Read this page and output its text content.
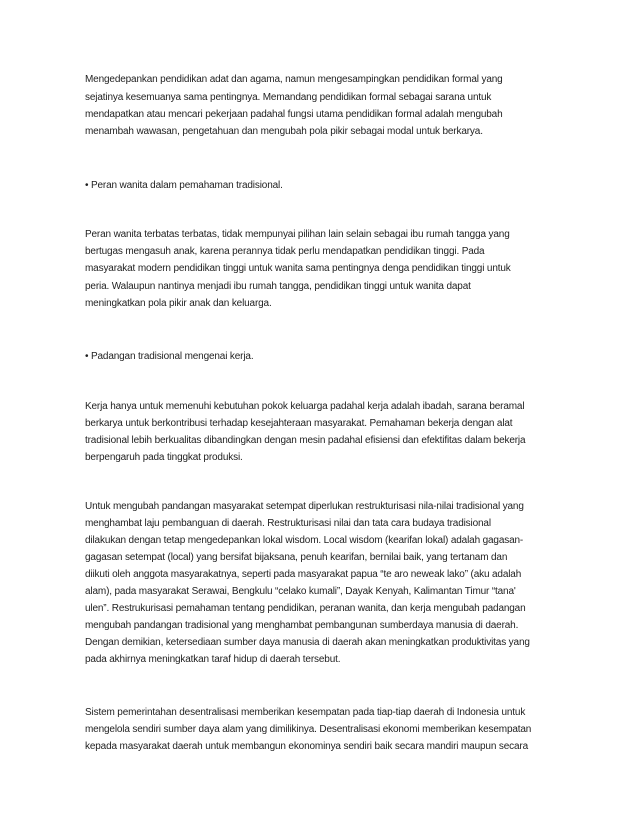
Mengedepankan pendidikan adat dan agama, namun mengesampingkan pendidikan formal yang
sejatinya kesemuanya sama pentingnya. Memandang pendidikan formal sebagai sarana untuk
mendapatkan atau mencari pekerjaan padahal fungsi utama pendidikan formal adalah mengubah
menambah wawasan, pengetahuan dan mengubah pola pikir sebagai modal untuk berkarya.
• Peran wanita dalam pemahaman tradisional.
Peran wanita terbatas terbatas, tidak mempunyai pilihan lain selain sebagai ibu rumah tangga yang
bertugas mengasuh anak, karena perannya tidak perlu mendapatkan pendidikan tinggi. Pada
masyarakat modern pendidikan tinggi untuk wanita sama pentingnya denga pendidikan tinggi untuk
peria. Walaupun nantinya menjadi ibu rumah tangga, pendidikan tinggi untuk wanita dapat
meningkatkan pola pikir anak dan keluarga.
• Padangan tradisional mengenai kerja.
Kerja hanya untuk memenuhi kebutuhan pokok keluarga padahal kerja adalah ibadah, sarana beramal
berkarya untuk berkontribusi terhadap kesejahteraan masyarakat. Pemahaman bekerja dengan alat
tradisional lebih berkualitas dibandingkan dengan mesin padahal efisiensi dan efektifitas dalam bekerja
berpengaruh pada tinggkat produksi.
Untuk mengubah pandangan masyarakat setempat diperlukan restrukturisasi nila-nilai tradisional yang
menghambat laju pembanguan di daerah. Restrukturisasi nilai dan tata cara budaya tradisional
dilakukan dengan tetap mengedepankan lokal wisdom. Local wisdom (kearifan lokal) adalah gagasan-
gagasan setempat (local) yang bersifat bijaksana, penuh kearifan, bernilai baik, yang tertanam dan
diikuti oleh anggota masyarakatnya, seperti pada masyarakat papua “te aro neweak lako” (aku adalah
alam), pada masyarakat Serawai, Bengkulu “celako kumali”, Dayak Kenyah, Kalimantan Timur “tana'
ulen”. Restrukurisasi pemahaman tentang pendidikan, peranan wanita, dan kerja mengubah padangan
mengubah pandangan tradisional yang menghambat pembangunan sumberdaya manusia di daerah.
Dengan demikian, ketersediaan sumber daya manusia di daerah akan meningkatkan produktivitas yang
pada akhirnya meningkatkan taraf hidup di daerah tersebut.
Sistem pemerintahan desentralisasi memberikan kesempatan pada tiap-tiap daerah di Indonesia untuk
mengelola sendiri sumber daya alam yang dimilikinya. Desentralisasi ekonomi memberikan kesempatan
kepada masyarakat daerah untuk membangun ekonominya sendiri baik secara mandiri maupun secara
